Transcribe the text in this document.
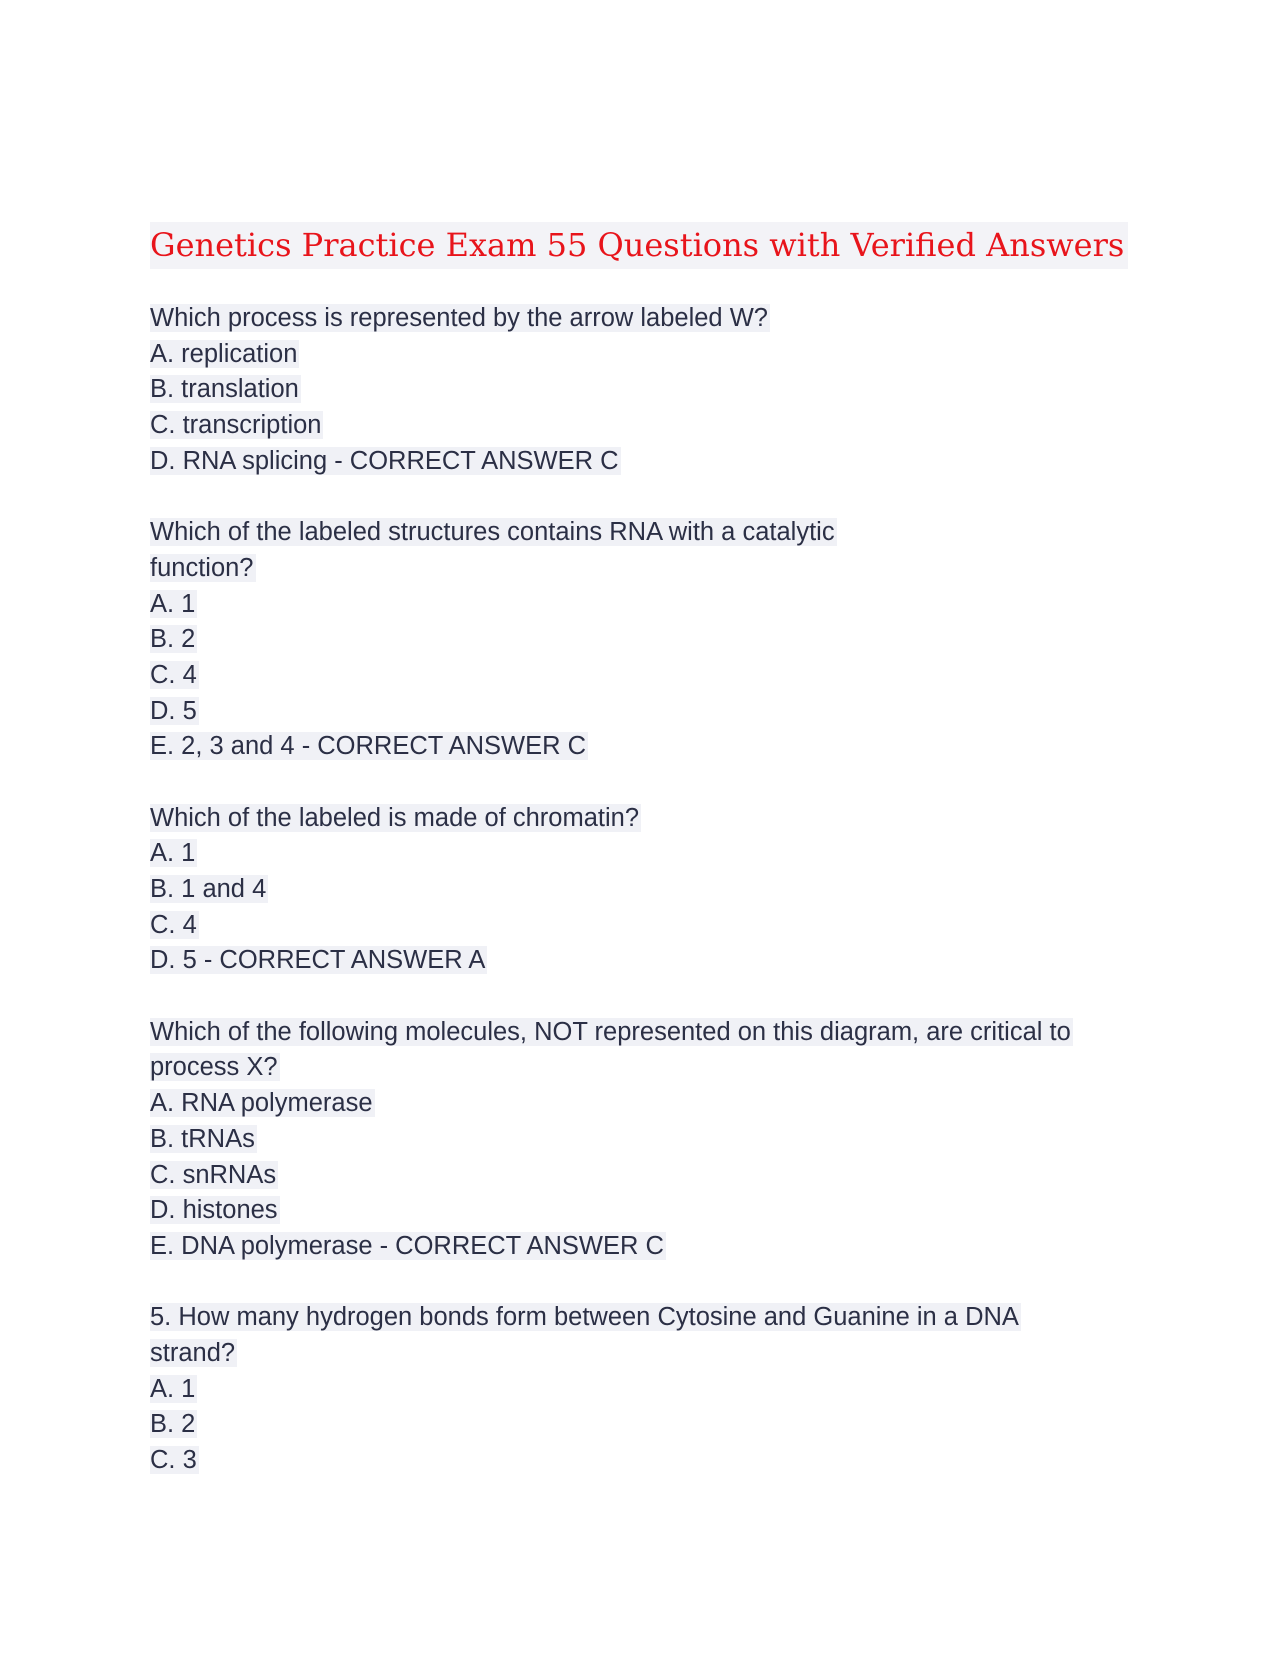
Genetics Practice Exam 55 Questions with Verified Answers
Which process is represented by the arrow labeled W?
A. replication
B. translation
C. transcription
D. RNA splicing - CORRECT ANSWER C
Which of the labeled structures contains RNA with a catalytic
function?
A. 1
B. 2
C. 4
D. 5
E. 2, 3 and 4 - CORRECT ANSWER C
Which of the labeled is made of chromatin?
A. 1
B. 1 and 4
C. 4
D. 5 - CORRECT ANSWER A
Which of the following molecules, NOT represented on this diagram, are critical to
process X?
A. RNA polymerase
B. tRNAs
C. snRNAs
D. histones
E. DNA polymerase - CORRECT ANSWER C
5. How many hydrogen bonds form between Cytosine and Guanine in a DNA
strand?
A. 1
B. 2
C. 3
